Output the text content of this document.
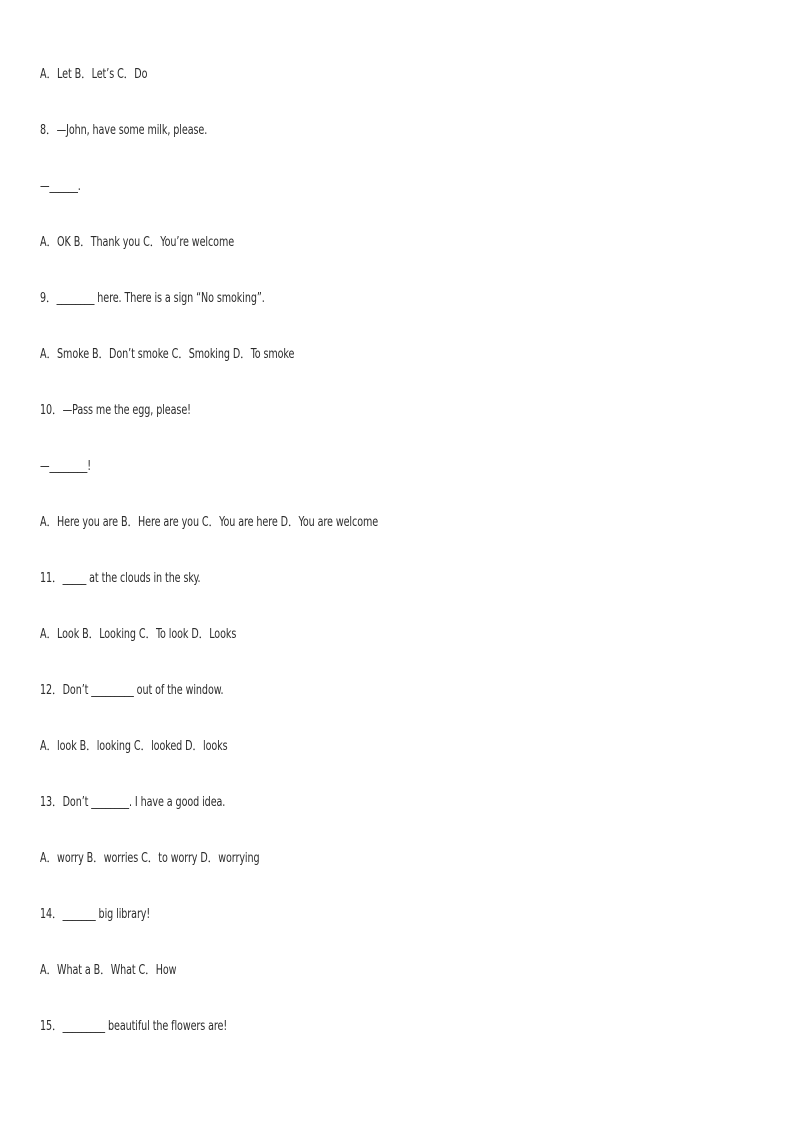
A．Let B．Let’s C．Do

8．—John, have some milk, please.

—______.

A．OK B．Thank you C．You’re welcome

9．________ here. There is a sign “No smoking”.

A．Smoke B．Don’t smoke C．Smoking D．To smoke

10．—Pass me the egg, please!

—________!

A．Here you are B．Here are you C．You are here D．You are welcome

11．_____ at the clouds in the sky.

A．Look B．Looking C．To look D．Looks

12．Don’t _________ out of the window.

A．look B．looking C．looked D．looks

13．Don’t ________. I have a good idea.

A．worry B．worries C．to worry D．worrying

14．_______ big library!

A．What a B．What C．How

15．_________ beautiful the flowers are!
